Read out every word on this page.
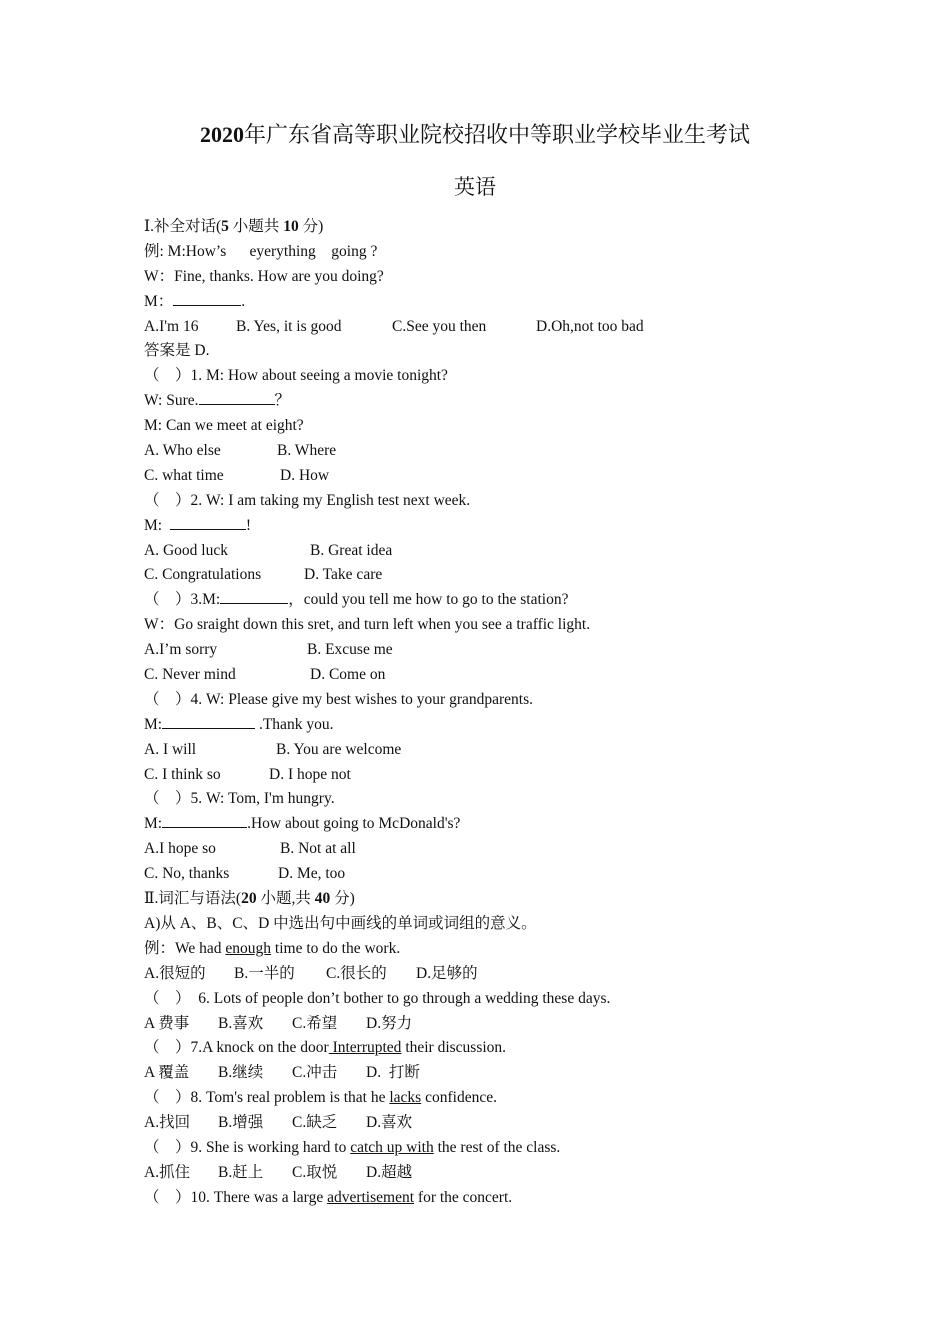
2020年广东省高等职业院校招收中等职业学校毕业生考试
英语
Ⅰ.补全对话(5 小题共 10 分)
例: M:How’s      eyerything    going ?
W：Fine, thanks. How are you doing?
M：	.
A.I'm 16 B. Yes, it is good	C.See you then	D.Oh,not too bad
答案是 D.
（    ）1. M: How about seeing a movie tonight?
W: Sure.	？
M: Can we meet at eight?
A. Who else	B. Where
C. what time	D. How
（    ）2. W: I am taking my English test next week.
M:	!
A. Good luck	B. Great idea
C. Congratulations	D. Take care
（    ）3.M:	，could you tell me how to go to the station?
W：Go sraight down this sret, and turn left when you see a traffic light.
A.I’m sorry	B. Excuse me
C. Never mind	D. Come on
（    ）4. W: Please give my best wishes to your grandparents.
M:	.Thank you.
A. I will	B. You are welcome
C. I think so	D. I hope not
（    ）5. W: Tom, I'm hungry.
M:	.How about going to McDonald's?
A.I hope so	B. Not at all
C. No, thanks	D. Me, too
Ⅱ.词汇与语法(20 小题,共 40 分)
A)从 A、B、C、D 中选出句中画线的单词或词组的意义。
例：We had enough time to do the work.
A.很短的 B.一半的 C.很长的 D.足够的
（    ）  6. Lots of people don’t bother to go through a wedding these days.
A 费事 B.喜欢 C.希望 D.努力
（    ）7.A knock on the door Interrupted their discussion.
A 覆盖 B.继续 C.冲击 D.  打断
（    ）8. Tom's real problem is that he lacks confidence.
A.找回 B.增强 C.缺乏 D.喜欢
（    ）9. She is working hard to catch up with the rest of the class.
A.抓住 B.赶上 C.取悦 D.超越
（    ）10. There was a large advertisement for the concert.
